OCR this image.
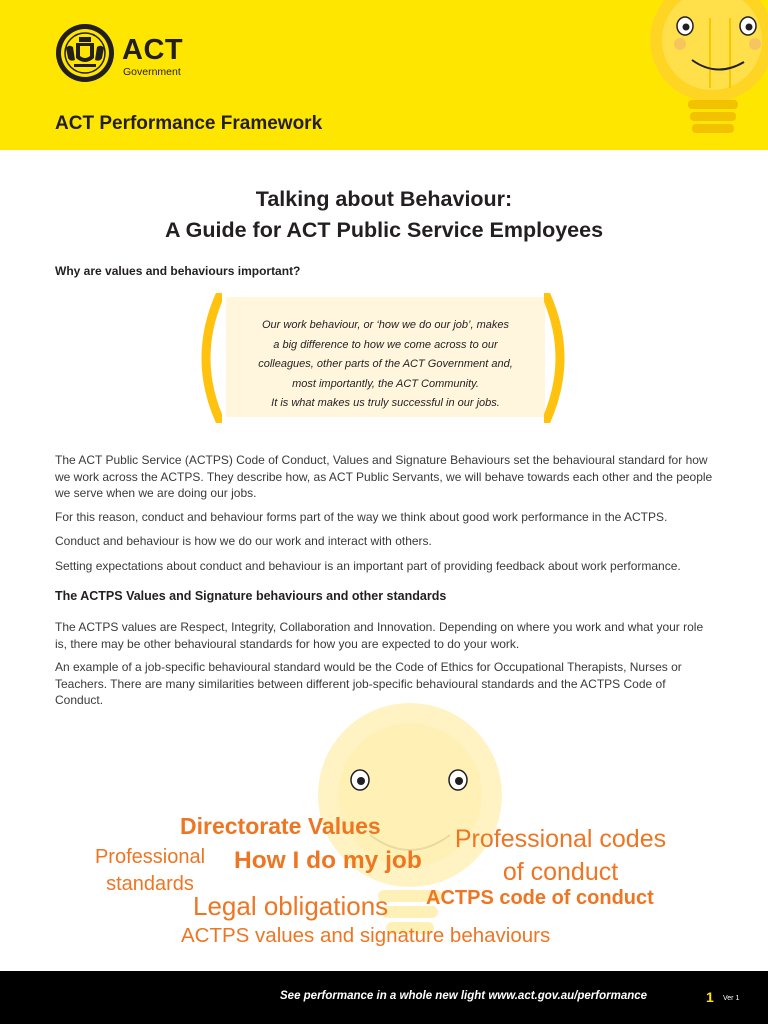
ACT
Government
ACT Performance Framework
Talking about Behaviour:
A Guide for ACT Public Service Employees
Why are values and behaviours important?
Our work behaviour, or ‘how we do our job’, makes
a big difference to how we come across to our
colleagues, other parts of the ACT Government and,
most importantly, the ACT Community.
It is what makes us truly successful in our jobs.

The ACT Public Service (ACTPS) Code of Conduct, Values and Signature Behaviours set the behavioural standard for how we work across the ACTPS. They describe how, as ACT Public Servants, we will behave towards each other and the people we serve when we are doing our jobs.

For this reason, conduct and behaviour forms part of the way we think about good work performance in the ACTPS.

Conduct and behaviour is how we do our work and interact with others.

Setting expectations about conduct and behaviour is an important part of providing feedback about work performance.

The ACTPS Values and Signature behaviours and other standards

The ACTPS values are Respect, Integrity, Collaboration and Innovation. Depending on where you work and what your role is, there may be other behavioural standards for how you are expected to do your work.

An example of a job-specific behavioural standard would be the Code of Ethics for Occupational Therapists, Nurses or Teachers. There are many similarities between different job-specific behavioural standards and the ACTPS Code of Conduct.

Directorate Values	Professional codes
of conduct
Professional
standards
How I do my job
ACTPS code of conduct
Legal obligations
ACTPS values and signature behaviours
See performance in a whole new light www.act.gov.au/performance	1 Ver 1
